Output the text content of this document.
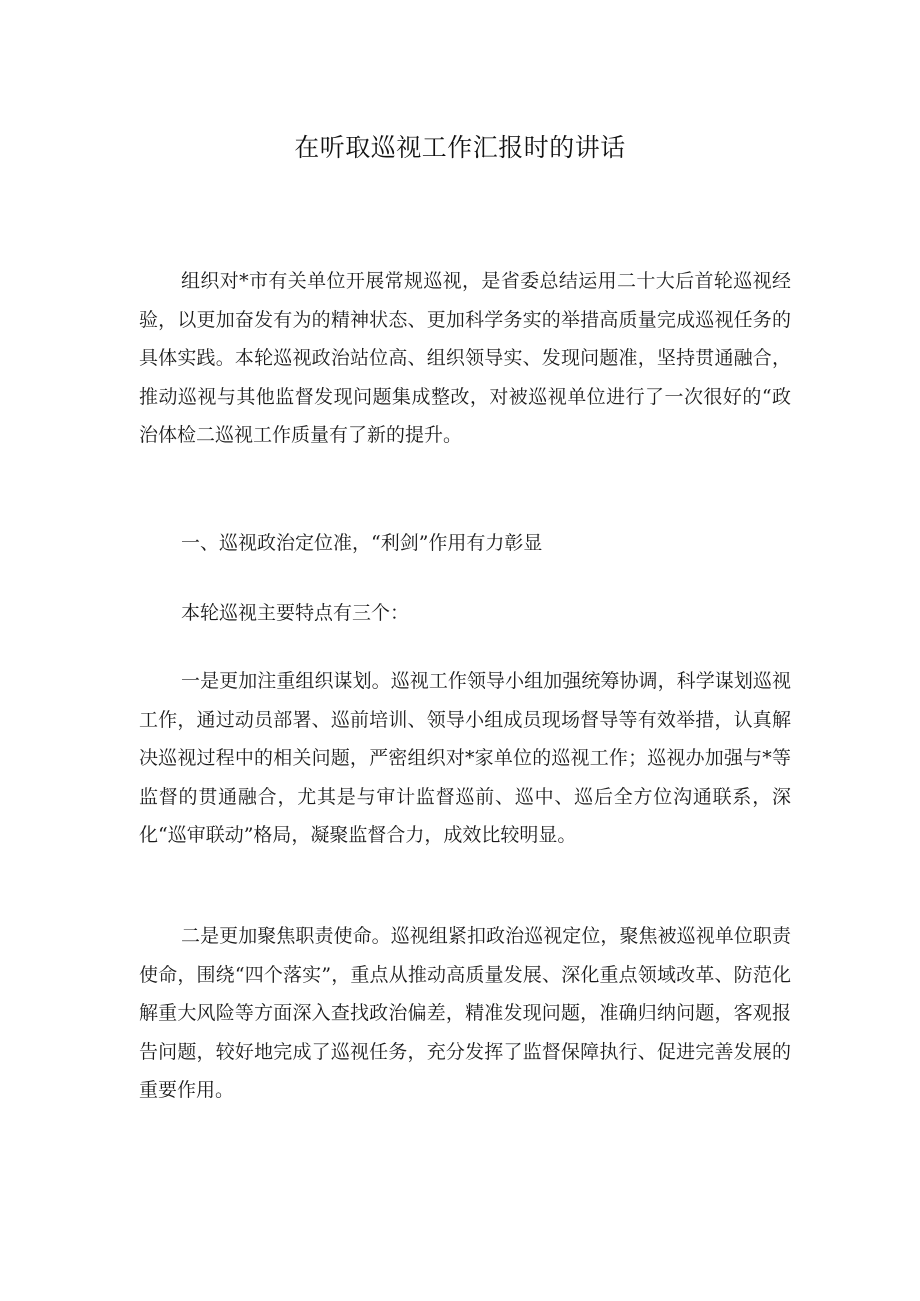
在听取巡视工作汇报时的讲话

组织对*市有关单位开展常规巡视，是省委总结运用二十大后首轮巡视经验，以更加奋发有为的精神状态、更加科学务实的举措高质量完成巡视任务的具体实践。本轮巡视政治站位高、组织领导实、发现问题准，坚持贯通融合，推动巡视与其他监督发现问题集成整改，对被巡视单位进行了一次很好的“政治体检二巡视工作质量有了新的提升。

一、巡视政治定位准，“利剑”作用有力彰显

本轮巡视主要特点有三个：

一是更加注重组织谋划。巡视工作领导小组加强统筹协调，科学谋划巡视工作，通过动员部署、巡前培训、领导小组成员现场督导等有效举措，认真解决巡视过程中的相关问题，严密组织对*家单位的巡视工作；巡视办加强与*等监督的贯通融合，尤其是与审计监督巡前、巡中、巡后全方位沟通联系，深化“巡审联动”格局，凝聚监督合力，成效比较明显。

二是更加聚焦职责使命。巡视组紧扣政治巡视定位，聚焦被巡视单位职责使命，围绕“四个落实”，重点从推动高质量发展、深化重点领域改革、防范化解重大风险等方面深入查找政治偏差，精准发现问题，准确归纳问题，客观报告问题，较好地完成了巡视任务，充分发挥了监督保障执行、促进完善发展的重要作用。
